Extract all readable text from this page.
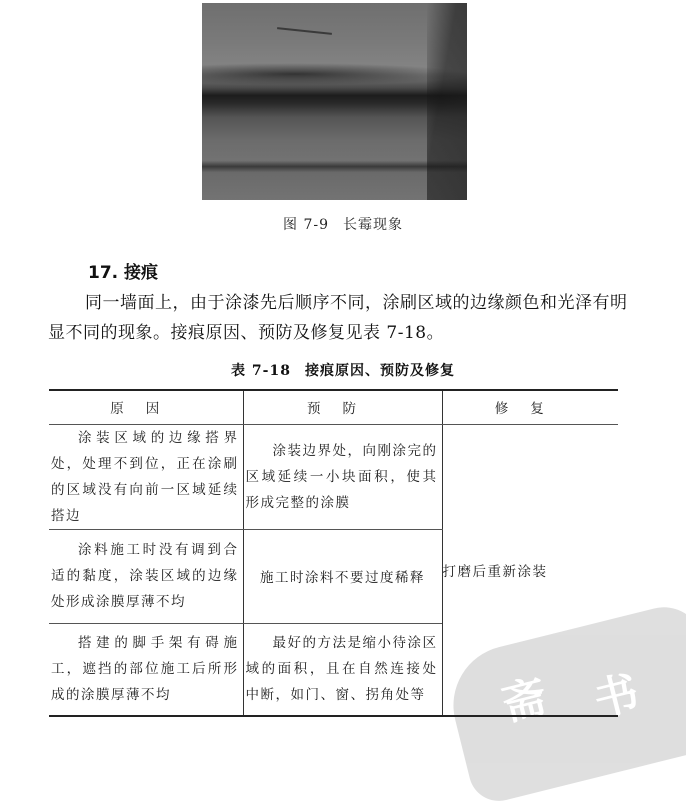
图 7-9 长霉现象
17. 接痕
同一墙面上，由于涂漆先后顺序不同，涂刷区域的边缘颜色和光泽有明显不同的现象。接痕原因、预防及修复见表 7-18。
表 7-18 接痕原因、预防及修复
斋 书
原因	预防	修复

涂装区域的边缘搭界处，处理不到位，正在涂刷的区域没有向前一区域延续搭边	涂装边界处，向刚涂完的区域延续一小块面积，使其形成完整的涂膜	打磨后重新涂装

涂料施工时没有调到合适的黏度，涂装区域的边缘处形成涂膜厚薄不均	施工时涂料不要过度稀释	

搭建的脚手架有碍施工，遮挡的部位施工后所形成的涂膜厚薄不均	最好的方法是缩小待涂区域的面积，且在自然连接处中断，如门、窗、拐角处等	
